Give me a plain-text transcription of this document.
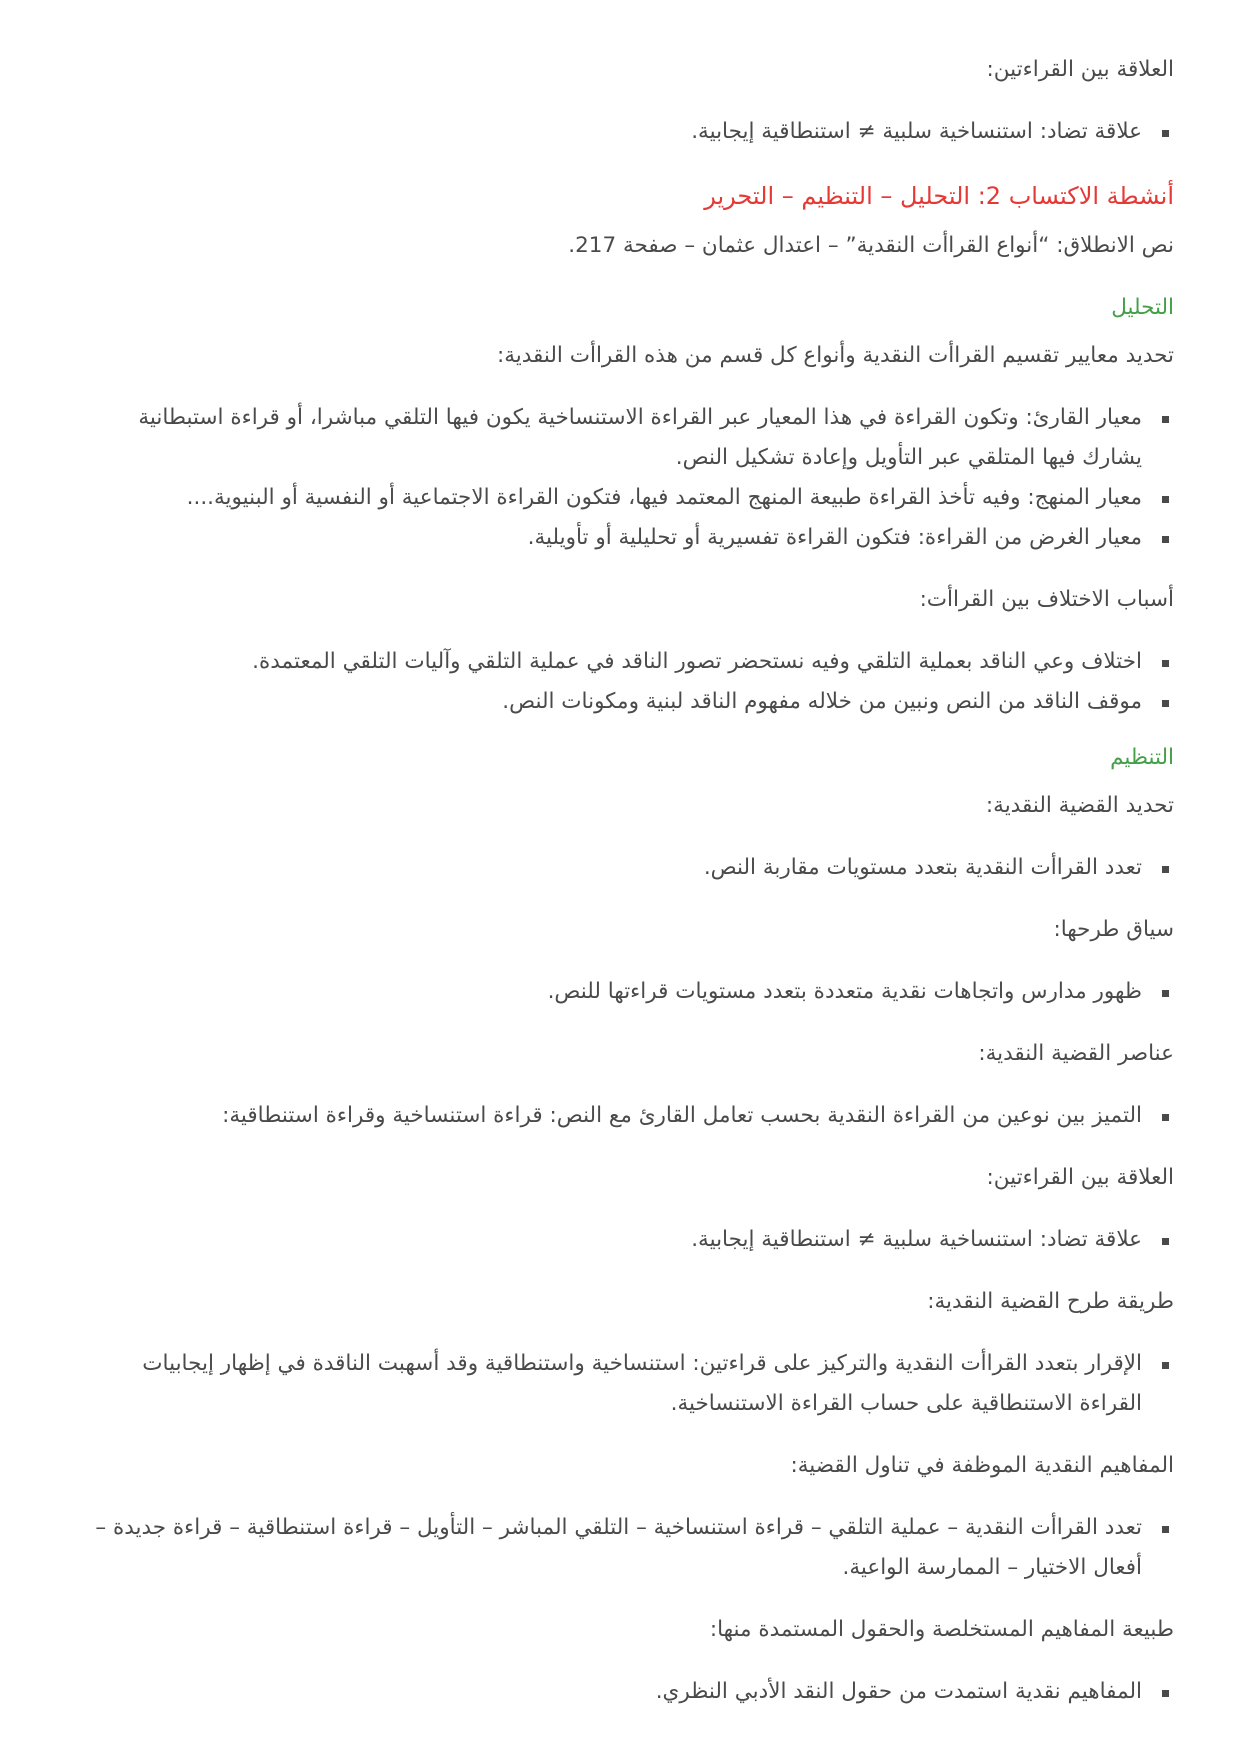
العلاقة بين القراءتين:

علاقة تضاد: استنساخية سلبية ≠ استنطاقية إيجابية.

أنشطة الاكتساب 2: التحليل – التنظيم – التحرير

نص الانطلاق: “أنواع القراأت النقدية” – اعتدال عثمان – صفحة 217.

التحليل

تحديد معايير تقسيم القراأت النقدية وأنواع كل قسم من هذه القراأت النقدية:

معيار القارئ: وتكون القراءة في هذا المعيار عبر القراءة الاستنساخية يكون فيها التلقي مباشرا، أو قراءة استبطانية يشارك فيها المتلقي عبر التأويل وإعادة تشكيل النص.
معيار المنهج: وفيه تأخذ القراءة طبيعة المنهج المعتمد فيها، فتكون القراءة الاجتماعية أو النفسية أو البنيوية....
معيار الغرض من القراءة: فتكون القراءة تفسيرية أو تحليلية أو تأويلية.

أسباب الاختلاف بين القراأت:

اختلاف وعي الناقد بعملية التلقي وفيه نستحضر تصور الناقد في عملية التلقي وآليات التلقي المعتمدة.
موقف الناقد من النص ونبين من خلاله مفهوم الناقد لبنية ومكونات النص.

التنظيم

تحديد القضية النقدية:

تعدد القراأت النقدية بتعدد مستويات مقاربة النص.

سياق طرحها:

ظهور مدارس واتجاهات نقدية متعددة بتعدد مستويات قراءتها للنص.

عناصر القضية النقدية:

التميز بين نوعين من القراءة النقدية بحسب تعامل القارئ مع النص: قراءة استنساخية وقراءة استنطاقية:

العلاقة بين القراءتين:

علاقة تضاد: استنساخية سلبية ≠ استنطاقية إيجابية.

طريقة طرح القضية النقدية:

الإقرار بتعدد القراأت النقدية والتركيز على قراءتين: استنساخية واستنطاقية وقد أسهبت الناقدة في إظهار إيجابيات القراءة الاستنطاقية على حساب القراءة الاستنساخية.

المفاهيم النقدية الموظفة في تناول القضية:

تعدد القراأت النقدية – عملية التلقي – قراءة استنساخية – التلقي المباشر – التأويل – قراءة استنطاقية – قراءة جديدة – أفعال الاختيار – الممارسة الواعية.

طبيعة المفاهيم المستخلصة والحقول المستمدة منها:

المفاهيم نقدية استمدت من حقول النقد الأدبي النظري.
